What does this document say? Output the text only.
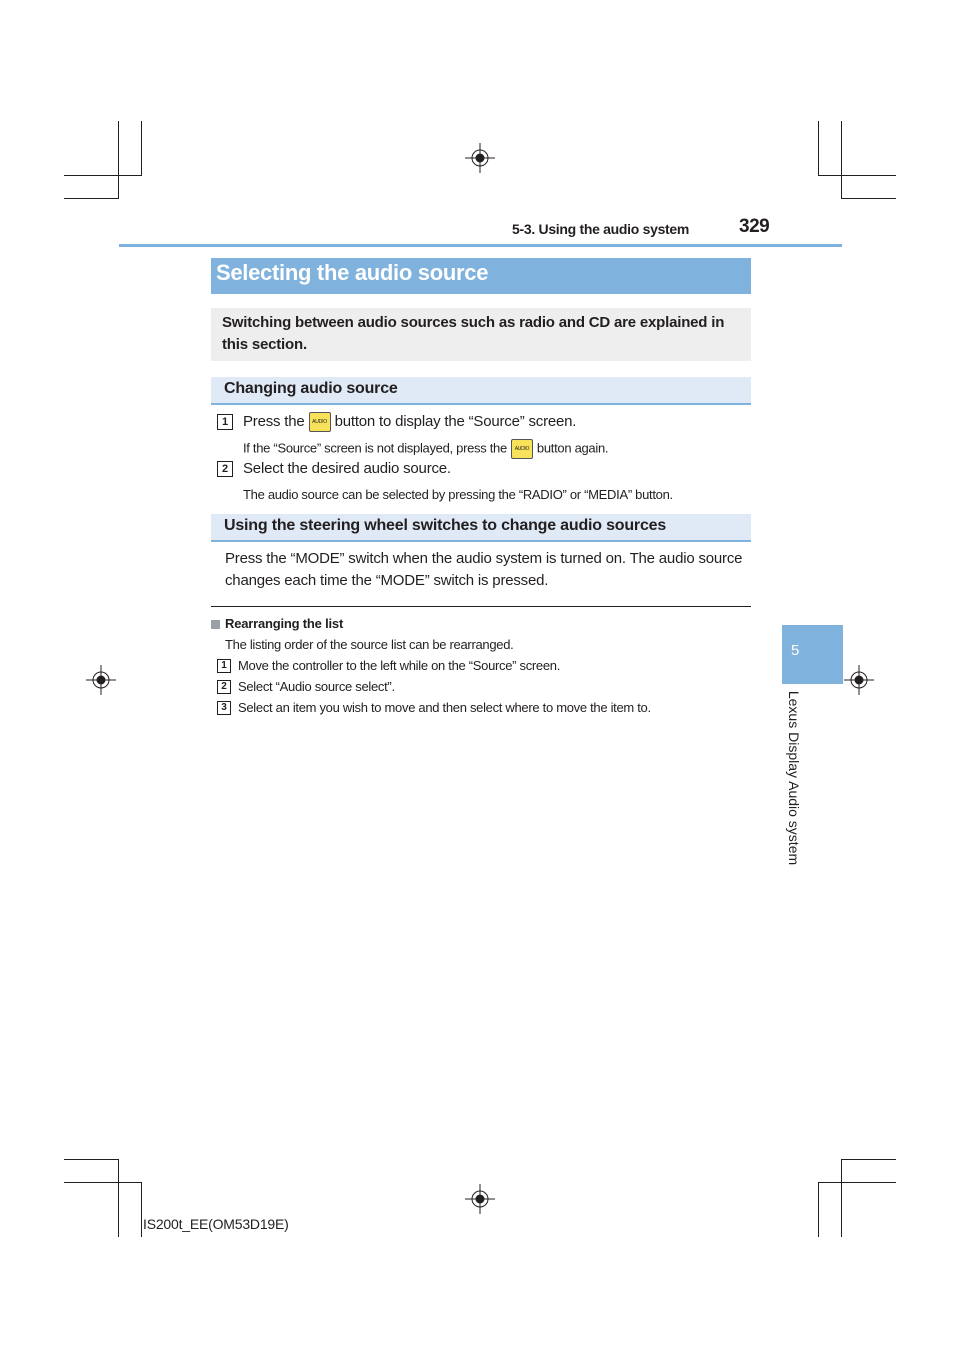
5-3. Using the audio system	329
5
Lexus Display Audio system
Selecting the audio source
Switching between audio sources such as radio and CD are explained in this section.
Changing audio source
1 Press the AUDIO button to display the “Source” screen.
If the “Source” screen is not displayed, press the AUDIO button again.
2 Select the desired audio source.
The audio source can be selected by pressing the “RADIO” or “MEDIA” button.
Using the steering wheel switches to change audio sources
Press the “MODE” switch when the audio system is turned on. The audio source changes each time the “MODE” switch is pressed.
Rearranging the list
The listing order of the source list can be rearranged.
1 Move the controller to the left while on the “Source” screen.
2 Select “Audio source select”.
3 Select an item you wish to move and then select where to move the item to.
IS200t_EE(OM53D19E)
